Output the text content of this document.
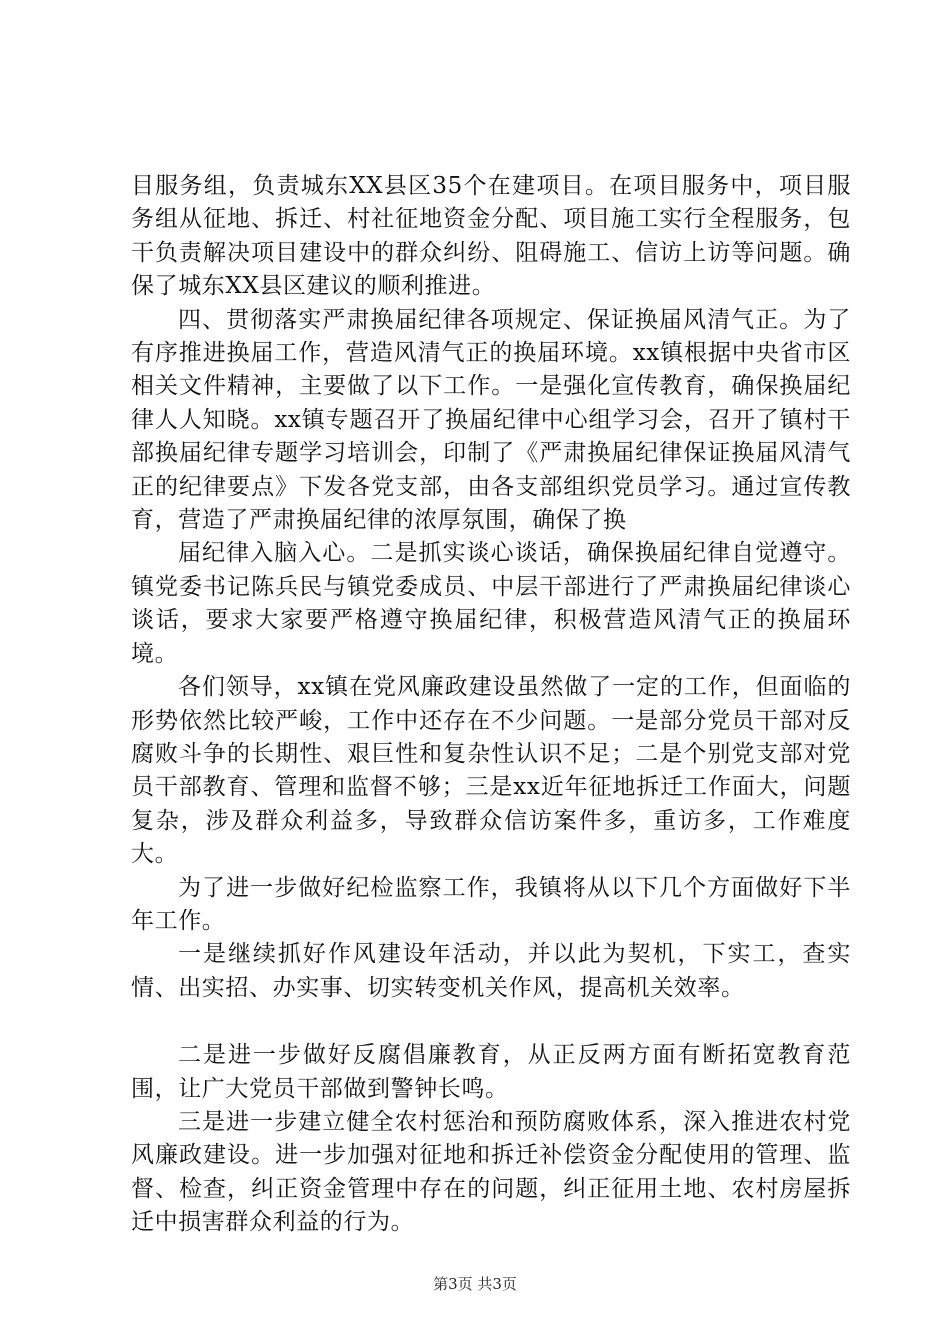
目服务组，负责城东XX县区35个在建项目。在项目服务中，项目服务组从征地、拆迁、村社征地资金分配、项目施工实行全程服务，包干负责解决项目建设中的群众纠纷、阻碍施工、信访上访等问题。确保了城东XX县区建议的顺利推进。

四、贯彻落实严肃换届纪律各项规定、保证换届风清气正。为了有序推进换届工作，营造风清气正的换届环境。xx镇根据中央省市区相关文件精神，主要做了以下工作。一是强化宣传教育，确保换届纪律人人知晓。xx镇专题召开了换届纪律中心组学习会，召开了镇村干部换届纪律专题学习培训会，印制了《严肃换届纪律保证换届风清气正的纪律要点》下发各党支部，由各支部组织党员学习。通过宣传教育，营造了严肃换届纪律的浓厚氛围，确保了换

届纪律入脑入心。二是抓实谈心谈话，确保换届纪律自觉遵守。镇党委书记陈兵民与镇党委成员、中层干部进行了严肃换届纪律谈心谈话，要求大家要严格遵守换届纪律，积极营造风清气正的换届环境。

各们领导，xx镇在党风廉政建设虽然做了一定的工作，但面临的形势依然比较严峻，工作中还存在不少问题。一是部分党员干部对反腐败斗争的长期性、艰巨性和复杂性认识不足；二是个别党支部对党员干部教育、管理和监督不够；三是xx近年征地拆迁工作面大，问题复杂，涉及群众利益多，导致群众信访案件多，重访多，工作难度大。

为了进一步做好纪检监察工作，我镇将从以下几个方面做好下半年工作。

一是继续抓好作风建设年活动，并以此为契机，下实工，查实情、出实招、办实事、切实转变机关作风，提高机关效率。

二是进一步做好反腐倡廉教育，从正反两方面有断拓宽教育范围，让广大党员干部做到警钟长鸣。

三是进一步建立健全农村惩治和预防腐败体系，深入推进农村党风廉政建设。进一步加强对征地和拆迁补偿资金分配使用的管理、监督、检查，纠正资金管理中存在的问题，纠正征用土地、农村房屋拆迁中损害群众利益的行为。

第3页 共3页
